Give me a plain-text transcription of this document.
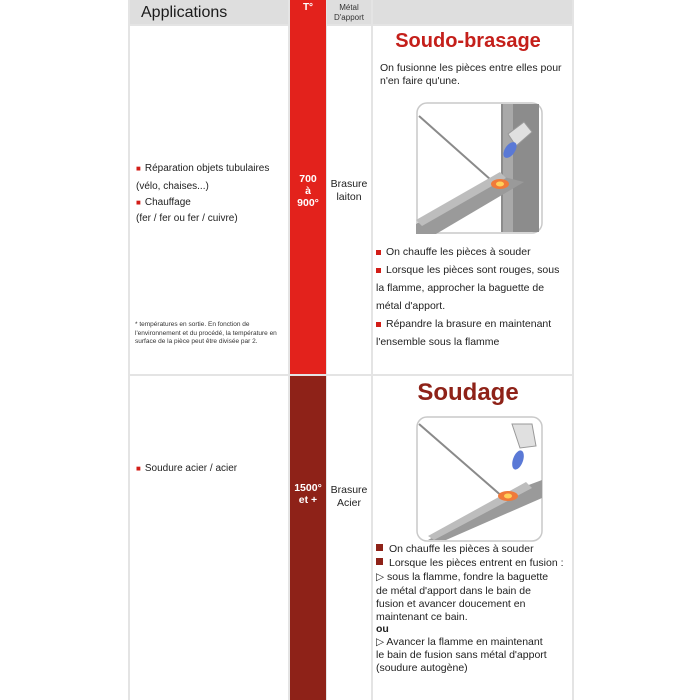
Applications	T°	Métal
D'apport
■ Réparation objets tubulaires
(vélo, chaises...)
■ Chauffage
(fer / fer ou fer / cuivre)
* températures en sortie. En fonction de l'environnement et du procédé, la température en surface de la pièce peut être divisée par 2.
700
à
900°
Brasure
laiton
Soudo-brasage
On fusionne les pièces entre elles pour n'en faire qu'une.
On chauffe les pièces à souder
Lorsque les pièces sont rouges, sous
la flamme, approcher la baguette de
métal d'apport.
Répandre la brasure en maintenant
l'ensemble sous la flamme
■ Soudure acier / acier
1500°
et +
Brasure
Acier
Soudage
On chauffe les pièces à souder
Lorsque les pièces entrent en fusion :
▷ sous la flamme, fondre la baguette
de métal d'apport dans le bain de
fusion et avancer doucement en
maintenant ce bain.
ou
▷ Avancer la flamme en maintenant
le bain de fusion sans métal d'apport
(soudure autogène)
